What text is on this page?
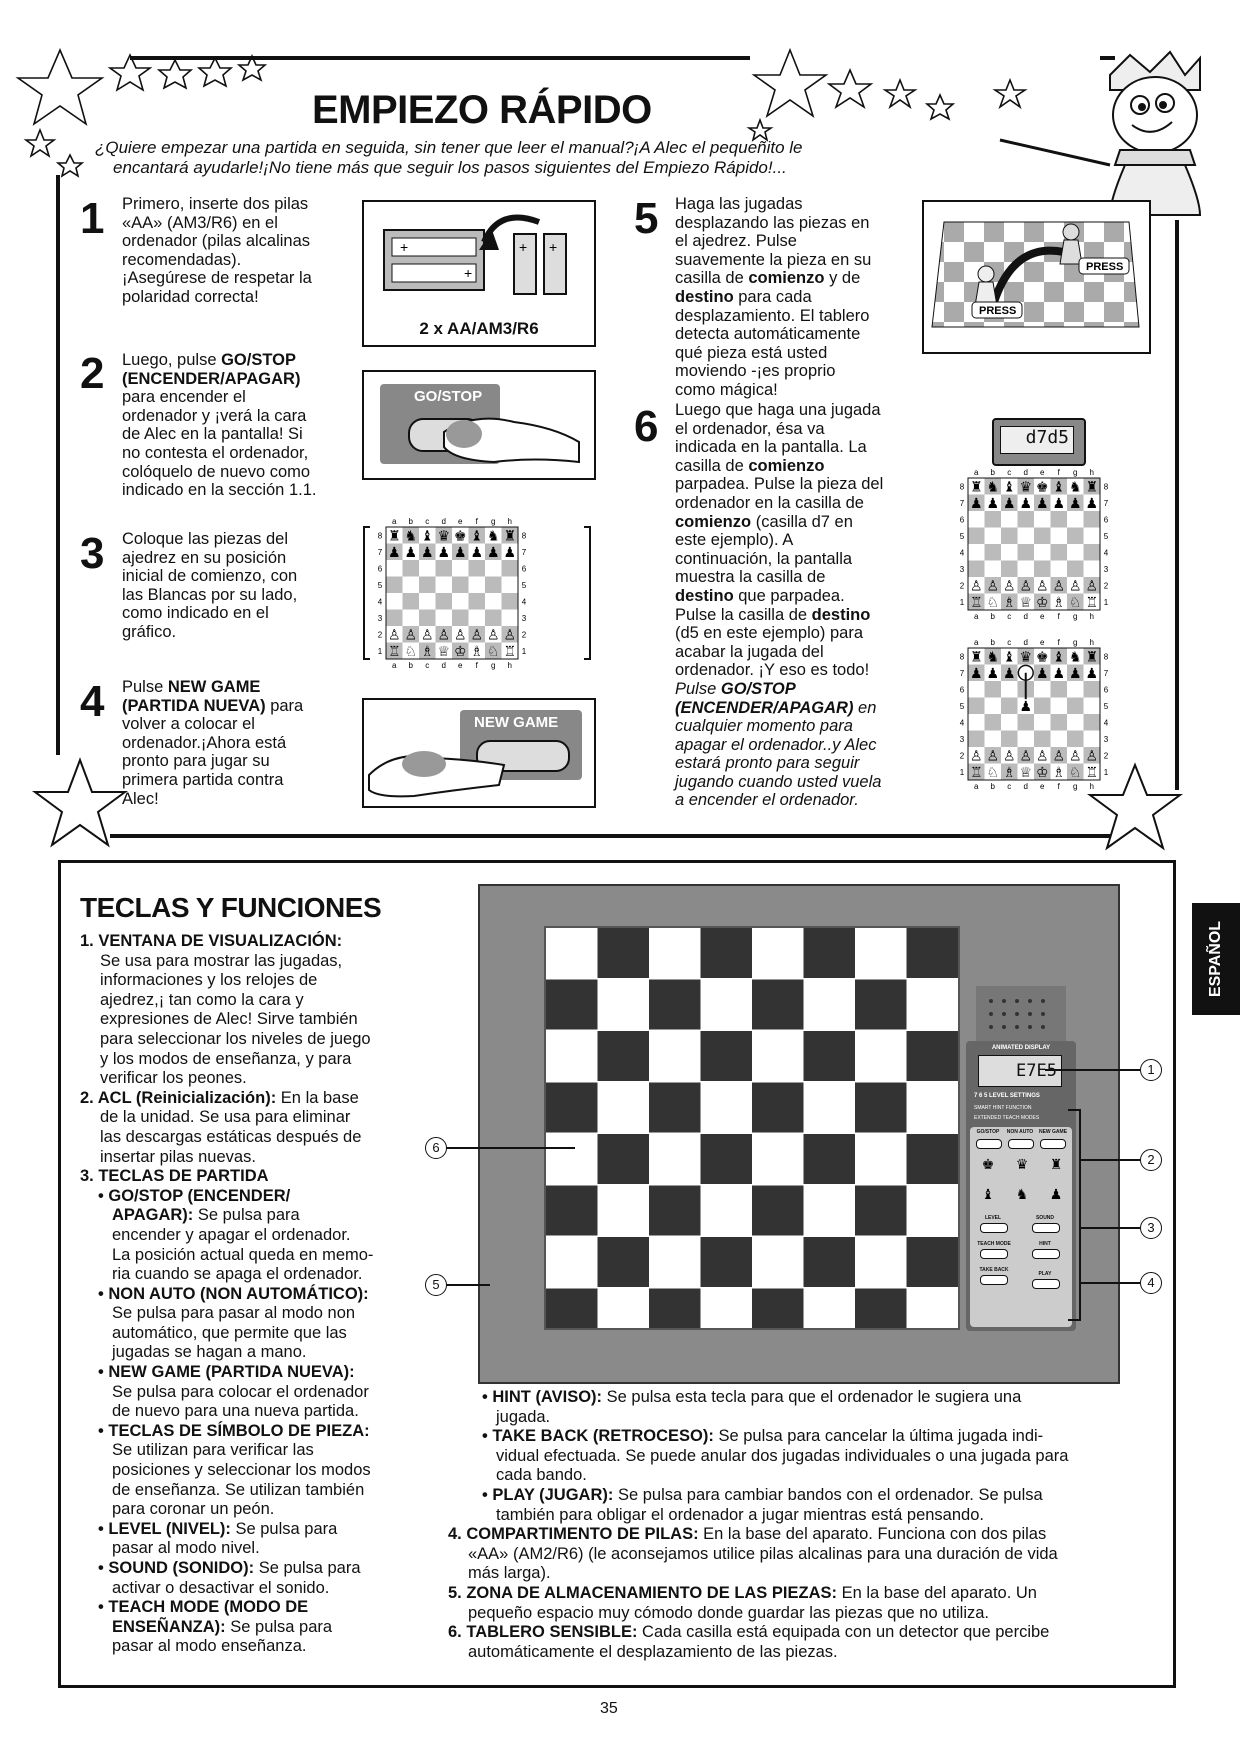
EMPIEZO RÁPIDO
¿Quiere empezar una partida en seguida, sin tener que leer el manual?¡A Alec el pequeñito le
encantará ayudarle!¡No tiene más que seguir los pasos siguientes del Empiezo Rápido!...
1 Primero, inserte dos pilas
«AA» (AM3/R6) en el
ordenador (pilas alcalinas
recomendadas).
¡Asegúrese de respetar la
polaridad correcta!
2 Luego, pulse GO/STOP
(ENCENDER/APAGAR)
para encender el
ordenador y ¡verá la cara
de Alec en la pantalla! Si
no contesta el ordenador,
colóquelo de nuevo como
indicado en la sección 1.1.
3 Coloque las piezas del
ajedrez en su posición
inicial de comienzo, con
las Blancas por su lado,
como indicado en el
gráfico.
4 Pulse NEW GAME
(PARTIDA NUEVA) para
volver a colocar el
ordenador.¡Ahora está
pronto para jugar su
primera partida contra
Alec!
+
+
+ +
2 x AA/AM3/R6
GO/STOP
a
a
b
b
c
c
d
d
e
e
f
f
g
g
h
h
8	8
7	7
6	6
5	5
4	4
3	3
2	2
1	1
♜
♟
♙
♖
♞
♟
♙
♘
♝
♟
♙
♗
♛
♟
♙
♕
♚
♟
♙
♔
♝
♟
♙
♗
♞
♟
♙
♘
♜
♟
♙
♖
NEW GAME
5 Haga las jugadas
desplazando las piezas en
el ajedrez. Pulse
suavemente la pieza en su
casilla de comienzo y de
destino para cada
desplazamiento. El tablero
detecta automáticamente
qué pieza está usted
moviendo -¡es proprio
como mágica!
6 Luego que haga una jugada
el ordenador, ésa va
indicada en la pantalla. La
casilla de comienzo
parpadea. Pulse la pieza del
ordenador en la casilla de
comienzo (casilla d7 en
este ejemplo). A
continuación, la pantalla
muestra la casilla de
destino que parpadea.
Pulse la casilla de destino
(d5 en este ejemplo) para
acabar la jugada del
ordenador. ¡Y eso es todo!
Pulse GO/STOP
(ENCENDER/APAGAR) en
cualquier momento para
apagar el ordenador..y Alec
estará pronto para seguir
jugando cuando usted vuela
a encender el ordenador.
PRESS
PRESS
d7d5
a
a
b
b
c
c
d
d
e
e
f
f
g
g
h
h
8	8
7	7
6	6
5	5
4	4
3	3
2	2
1	1
♜
♟
♙
♖
♞
♟
♙
♘
♝
♟
♙
♗
♛
♟
♙
♕
♚
♟
♙
♔
♝
♟
♙
♗
♞
♟
♙
♘
♜
♟
♙
♖
a
a
b
b
c
c
d
d
e
e
f
f
g
g
h
h
8	8
7	7
6	6
5	5
4	4
3	3
2	2
1	1
♜
♟
♙
♖
♞
♟
♙
♘
♝
♟
♙
♗
♛
♙
♕
♚
♟
♙
♔
♝
♟
♙
♗
♞
♟
♙
♘
♜
♟
♙
♖
♟
TECLAS Y FUNCIONES
1. VENTANA DE VISUALIZACIÓN:
Se usa para mostrar las jugadas,
informaciones y los relojes de
ajedrez,¡ tan como la cara y
expresiones de Alec! Sirve también
para seleccionar los niveles de juego
y los modos de enseñanza, y para
verificar los peones.
2. ACL (Reinicialización): En la base
de la unidad. Se usa para eliminar
las descargas estáticas después de
insertar pilas nuevas.
3. TECLAS DE PARTIDA
• GO/STOP (ENCENDER/
APAGAR): Se pulsa para
encender y apagar el ordenador.
La posición actual queda en memo-
ria cuando se apaga el ordenador.
• NON AUTO (NON AUTOMÁTICO):
Se pulsa para pasar al modo non
automático, que permite que las
jugadas se hagan a mano.
• NEW GAME (PARTIDA NUEVA):
Se pulsa para colocar el ordenador
de nuevo para una nueva partida.
• TECLAS DE SÍMBOLO DE PIEZA:
Se utilizan para verificar las
posiciones y seleccionar los modos
de enseñanza. Se utilizan también
para coronar un peón.
• LEVEL (NIVEL): Se pulsa para
pasar al modo nivel.
• SOUND (SONIDO): Se pulsa para
activar o desactivar el sonido.
• TEACH MODE (MODO DE
ENSEÑANZA): Se pulsa para
pasar al modo enseñanza.
• HINT (AVISO): Se pulsa esta tecla para que el ordenador le sugiera una
jugada.
• TAKE BACK (RETROCESO): Se pulsa para cancelar la última jugada indi-
vidual efectuada. Se puede anular dos jugadas individuales o una jugada para
cada bando.
• PLAY (JUGAR): Se pulsa para cambiar bandos con el ordenador. Se pulsa
también para obligar el ordenador a jugar mientras está pensando.
4. COMPARTIMENTO DE PILAS: En la base del aparato. Funciona con dos pilas
«AA» (AM2/R6) (le aconsejamos utilice pilas alcalinas para una duración de vida
más larga).
5. ZONA DE ALMACENAMIENTO DE LAS PIEZAS: En la base del aparato. Un
pequeño espacio muy cómodo donde guardar las piezas que no utiliza.
6. TABLERO SENSIBLE: Cada casilla está equipada con un detector que percibe
automáticamente el desplazamiento de las piezas.
ANIMATED DISPLAY
E7E5
7 6 5 LEVEL SETTINGS
SMART HINT FUNCTION
EXTENDED TEACH MODES
GO/STOP	NON AUTO	NEW GAME
♚ ♛ ♜
♝ ♞ ♟
LEVEL	SOUND
TEACH MODE	HINT
TAKE BACK
PLAY
1
2
3
4
5
6
ESPAÑOL
35
